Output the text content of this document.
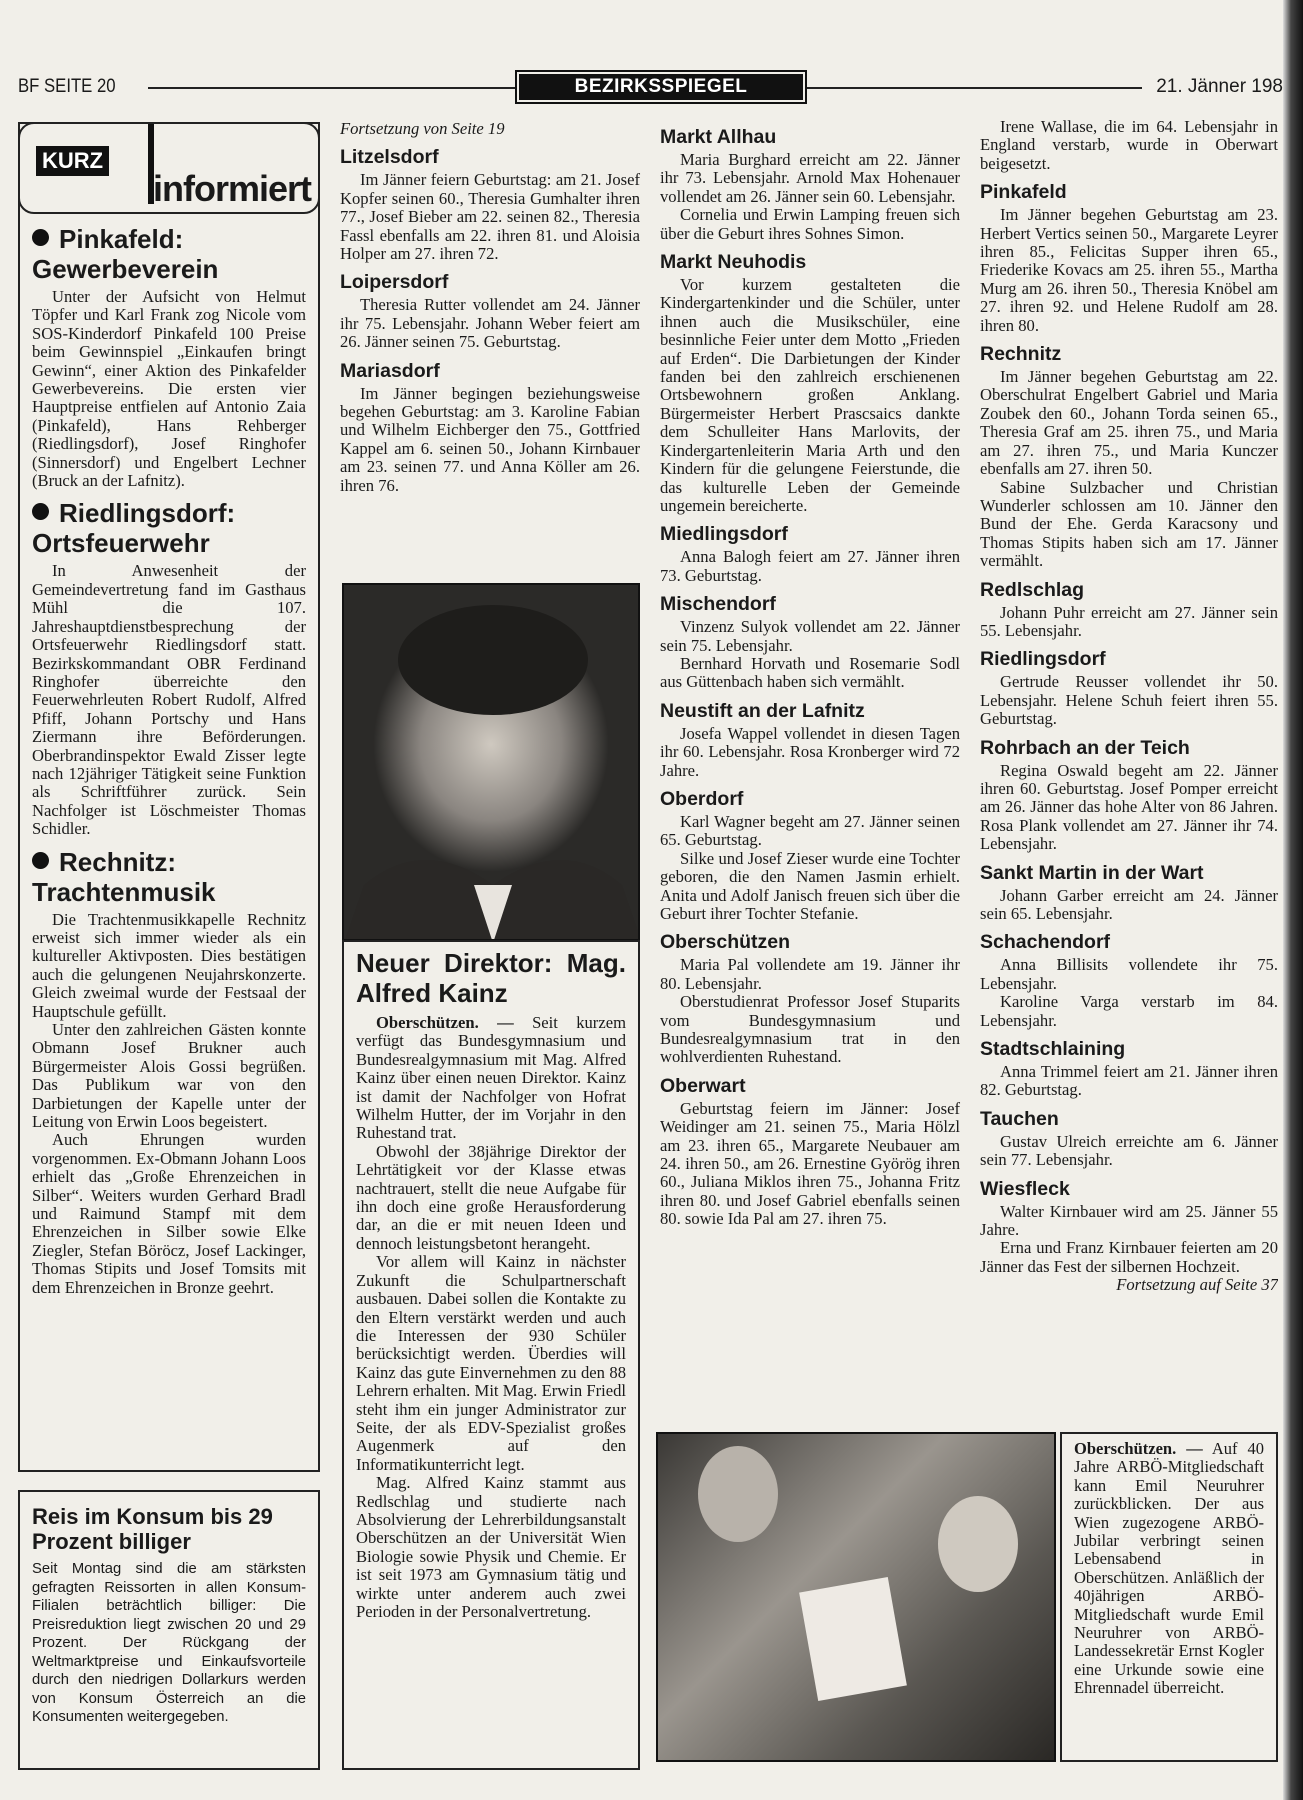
BF SEITE 20	BEZIRKSSPIEGEL	21. Jänner 198
KURZ
informiert
Pinkafeld: Gewerbeverein

Unter der Aufsicht von Helmut Töpfer und Karl Frank zog Nicole vom SOS-Kinderdorf Pinkafeld 100 Preise beim Gewinnspiel „Einkaufen bringt Gewinn“, einer Aktion des Pinkafelder Gewerbevereins. Die ersten vier Hauptpreise entfielen auf Antonio Zaia (Pinkafeld), Hans Rehberger (Riedlingsdorf), Josef Ringhofer (Sinnersdorf) und Engelbert Lechner (Bruck an der Lafnitz).

Riedlingsdorf: Ortsfeuerwehr

In Anwesenheit der Gemeindevertretung fand im Gasthaus Mühl die 107. Jahreshauptdienstbesprechung der Ortsfeuerwehr Riedlingsdorf statt. Bezirkskommandant OBR Ferdinand Ringhofer überreichte den Feuerwehrleuten Robert Rudolf, Alfred Pfiff, Johann Portschy und Hans Ziermann ihre Beförderungen. Oberbrandinspektor Ewald Zisser legte nach 12jähriger Tätigkeit seine Funktion als Schriftführer zurück. Sein Nachfolger ist Löschmeister Thomas Schidler.

Rechnitz: Trachtenmusik

Die Trachtenmusikkapelle Rechnitz erweist sich immer wieder als ein kultureller Aktivposten. Dies bestätigen auch die gelungenen Neujahrskonzerte. Gleich zweimal wurde der Festsaal der Hauptschule gefüllt.

Unter den zahlreichen Gästen konnte Obmann Josef Brukner auch Bürgermeister Alois Gossi begrüßen. Das Publikum war von den Darbietungen der Kapelle unter der Leitung von Erwin Loos begeistert.

Auch Ehrungen wurden vorgenommen. Ex-Obmann Johann Loos erhielt das „Große Ehrenzeichen in Silber“. Weiters wurden Gerhard Bradl und Raimund Stampf mit dem Ehrenzeichen in Silber sowie Elke Ziegler, Stefan Böröcz, Josef Lackinger, Thomas Stipits und Josef Tomsits mit dem Ehrenzeichen in Bronze geehrt.

Reis im Konsum bis 29 Prozent billiger

Seit Montag sind die am stärksten gefragten Reissorten in allen Konsum-Filialen beträchtlich billiger: Die Preisreduktion liegt zwischen 20 und 29 Prozent. Der Rückgang der Weltmarktpreise und Einkaufsvorteile durch den niedrigen Dollarkurs werden von Konsum Österreich an die Konsumenten weitergegeben.

Fortsetzung von Seite 19

Litzelsdorf

Im Jänner feiern Geburtstag: am 21. Josef Kopfer seinen 60., Theresia Gumhalter ihren 77., Josef Bieber am 22. seinen 82., Theresia Fassl ebenfalls am 22. ihren 81. und Aloisia Holper am 27. ihren 72.

Loipersdorf

Theresia Rutter vollendet am 24. Jänner ihr 75. Lebensjahr. Johann Weber feiert am 26. Jänner seinen 75. Geburtstag.

Mariasdorf

Im Jänner begingen beziehungsweise begehen Geburtstag: am 3. Karoline Fabian und Wilhelm Eichberger den 75., Gottfried Kappel am 6. seinen 50., Johann Kirnbauer am 23. seinen 77. und Anna Köller am 26. ihren 76.

Neuer Direktor: Mag. Alfred Kainz

Oberschützen. — Seit kurzem verfügt das Bundesgymnasium und Bundesrealgymnasium mit Mag. Alfred Kainz über einen neuen Direktor. Kainz ist damit der Nachfolger von Hofrat Wilhelm Hutter, der im Vorjahr in den Ruhestand trat.

Obwohl der 38jährige Direktor der Lehrtätigkeit vor der Klasse etwas nachtrauert, stellt die neue Aufgabe für ihn doch eine große Herausforderung dar, an die er mit neuen Ideen und dennoch leistungsbetont herangeht.

Vor allem will Kainz in nächster Zukunft die Schulpartnerschaft ausbauen. Dabei sollen die Kontakte zu den Eltern verstärkt werden und auch die Interessen der 930 Schüler berücksichtigt werden. Überdies will Kainz das gute Einvernehmen zu den 88 Lehrern erhalten. Mit Mag. Erwin Friedl steht ihm ein junger Administrator zur Seite, der als EDV-Spezialist großes Augenmerk auf den Informatikunterricht legt.

Mag. Alfred Kainz stammt aus Redlschlag und studierte nach Absolvierung der Lehrerbildungsanstalt Oberschützen an der Universität Wien Biologie sowie Physik und Chemie. Er ist seit 1973 am Gymnasium tätig und wirkte unter anderem auch zwei Perioden in der Personalvertretung.

Markt Allhau

Maria Burghard erreicht am 22. Jänner ihr 73. Lebensjahr. Arnold Max Hohenauer vollendet am 26. Jänner sein 60. Lebensjahr.

Cornelia und Erwin Lamping freuen sich über die Geburt ihres Sohnes Simon.

Markt Neuhodis

Vor kurzem gestalteten die Kindergartenkinder und die Schüler, unter ihnen auch die Musikschüler, eine besinnliche Feier unter dem Motto „Frieden auf Erden“. Die Darbietungen der Kinder fanden bei den zahlreich erschienenen Ortsbewohnern großen Anklang. Bürgermeister Herbert Prascsaics dankte dem Schulleiter Hans Marlovits, der Kindergartenleiterin Maria Arth und den Kindern für die gelungene Feierstunde, die das kulturelle Leben der Gemeinde ungemein bereicherte.

Miedlingsdorf

Anna Balogh feiert am 27. Jänner ihren 73. Geburtstag.

Mischendorf

Vinzenz Sulyok vollendet am 22. Jänner sein 75. Lebensjahr.

Bernhard Horvath und Rosemarie Sodl aus Güttenbach haben sich vermählt.

Neustift an der Lafnitz

Josefa Wappel vollendet in diesen Tagen ihr 60. Lebensjahr. Rosa Kronberger wird 72 Jahre.

Oberdorf

Karl Wagner begeht am 27. Jänner seinen 65. Geburtstag.

Silke und Josef Zieser wurde eine Tochter geboren, die den Namen Jasmin erhielt. Anita und Adolf Janisch freuen sich über die Geburt ihrer Tochter Stefanie.

Oberschützen

Maria Pal vollendete am 19. Jänner ihr 80. Lebensjahr.

Oberstudienrat Professor Josef Stuparits vom Bundesgymnasium und Bundesrealgymnasium trat in den wohlverdienten Ruhestand.

Oberwart

Geburtstag feiern im Jänner: Josef Weidinger am 21. seinen 75., Maria Hölzl am 23. ihren 65., Margarete Neubauer am 24. ihren 50., am 26. Ernestine Györög ihren 60., Juliana Miklos ihren 75., Johanna Fritz ihren 80. und Josef Gabriel ebenfalls seinen 80. sowie Ida Pal am 27. ihren 75.

Irene Wallase, die im 64. Lebensjahr in England verstarb, wurde in Oberwart beigesetzt.

Pinkafeld

Im Jänner begehen Geburtstag am 23. Herbert Vertics seinen 50., Margarete Leyrer ihren 85., Felicitas Supper ihren 65., Friederike Kovacs am 25. ihren 55., Martha Murg am 26. ihren 50., Theresia Knöbel am 27. ihren 92. und Helene Rudolf am 28. ihren 80.

Rechnitz

Im Jänner begehen Geburtstag am 22. Oberschulrat Engelbert Gabriel und Maria Zoubek den 60., Johann Torda seinen 65., Theresia Graf am 25. ihren 75., und Maria am 27. ihren 75., und Maria Kunczer ebenfalls am 27. ihren 50.

Sabine Sulzbacher und Christian Wunderler schlossen am 10. Jänner den Bund der Ehe. Gerda Karacsony und Thomas Stipits haben sich am 17. Jänner vermählt.

Redlschlag

Johann Puhr erreicht am 27. Jänner sein 55. Lebensjahr.

Riedlingsdorf

Gertrude Reusser vollendet ihr 50. Lebensjahr. Helene Schuh feiert ihren 55. Geburtstag.

Rohrbach an der Teich

Regina Oswald begeht am 22. Jänner ihren 60. Geburtstag. Josef Pomper erreicht am 26. Jänner das hohe Alter von 86 Jahren. Rosa Plank vollendet am 27. Jänner ihr 74. Lebensjahr.

Sankt Martin in der Wart

Johann Garber erreicht am 24. Jänner sein 65. Lebensjahr.

Schachendorf

Anna Billisits vollendete ihr 75. Lebensjahr.

Karoline Varga verstarb im 84. Lebensjahr.

Stadtschlaining

Anna Trimmel feiert am 21. Jänner ihren 82. Geburtstag.

Tauchen

Gustav Ulreich erreichte am 6. Jänner sein 77. Lebensjahr.

Wiesfleck

Walter Kirnbauer wird am 25. Jänner 55 Jahre.

Erna und Franz Kirnbauer feierten am 20 Jänner das Fest der silbernen Hochzeit.

Fortsetzung auf Seite 37

Oberschützen. — Auf 40 Jahre ARBÖ-Mitgliedschaft kann Emil Neuruhrer zurückblicken. Der aus Wien zugezogene ARBÖ-Jubilar verbringt seinen Lebensabend in Oberschützen. Anläßlich der 40jährigen ARBÖ-Mitgliedschaft wurde Emil Neuruhrer von ARBÖ-Landessekretär Ernst Kogler eine Urkunde sowie eine Ehrennadel überreicht.
